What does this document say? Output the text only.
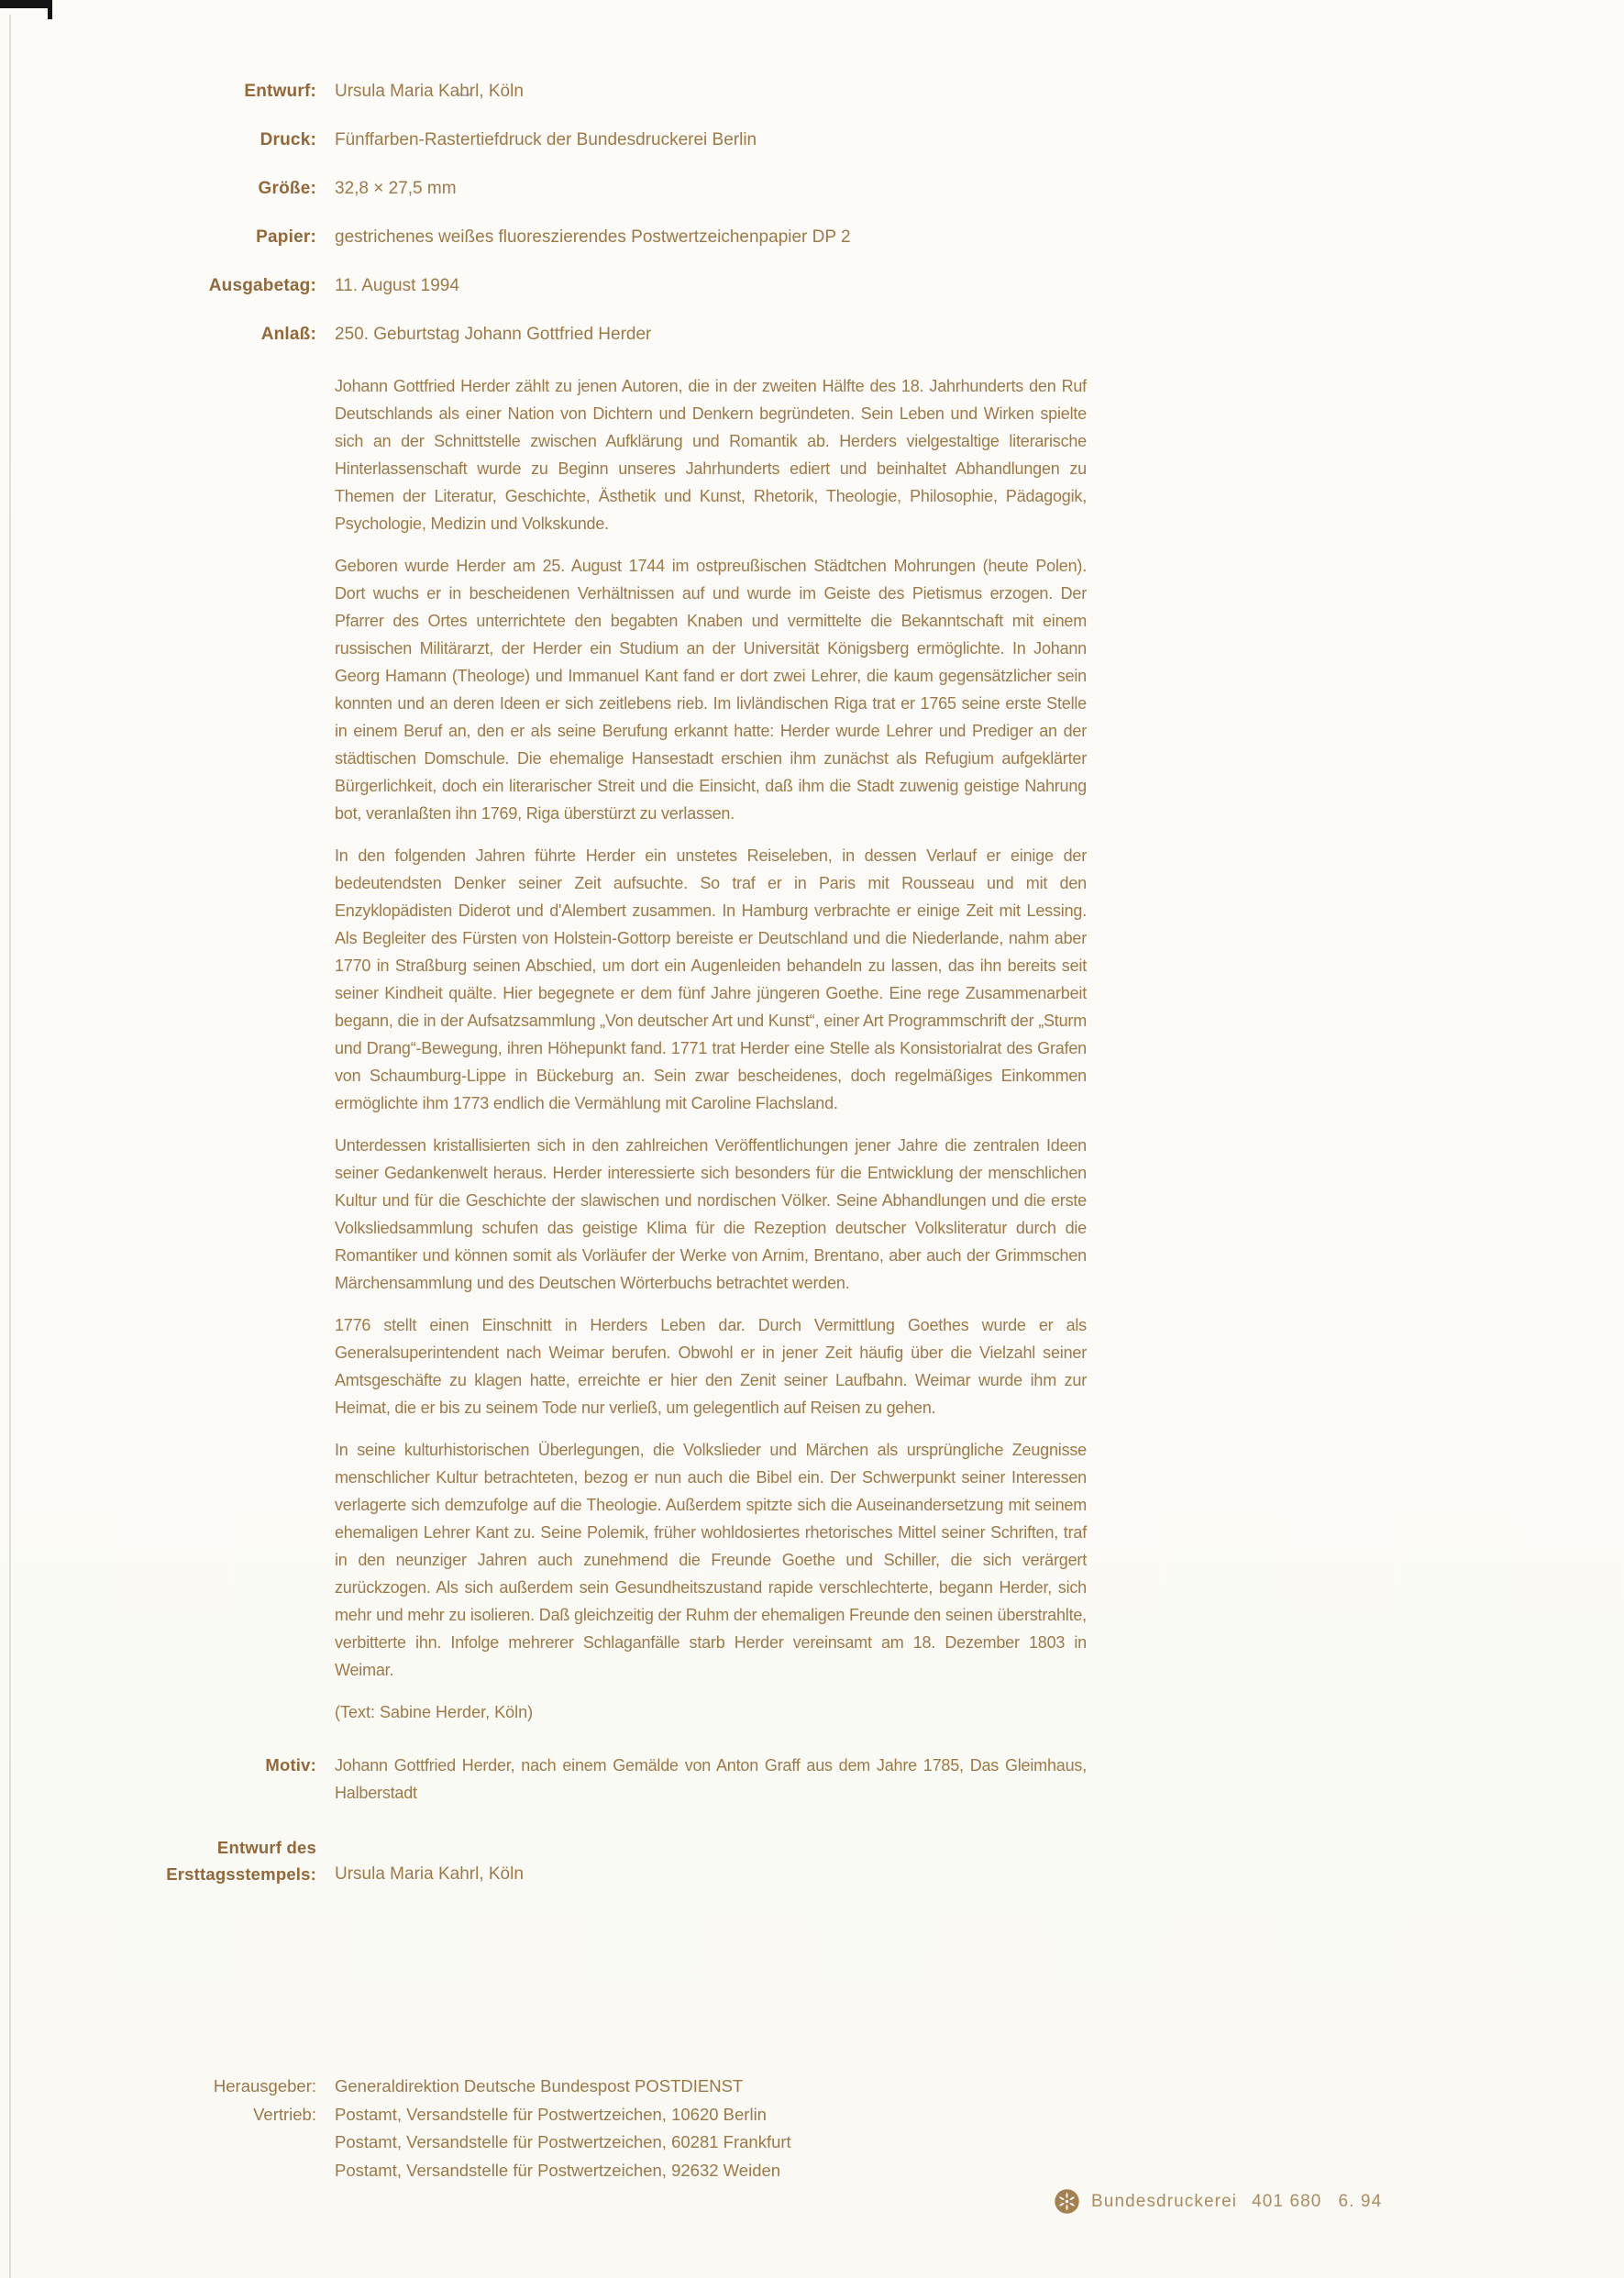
Entwurf: Ursula Maria Kahrl, Köln
Druck: Fünffarben-Rastertiefdruck der Bundesdruckerei Berlin
Größe: 32,8 × 27,5 mm
Papier: gestrichenes weißes fluoreszierendes Postwertzeichenpapier DP 2
Ausgabetag: 11. August 1994
Anlaß: 250. Geburtstag Johann Gottfried Herder

Johann Gottfried Herder zählt zu jenen Autoren, die in der zweiten Hälfte des 18. Jahrhunderts den Ruf Deutschlands als einer Nation von Dichtern und Denkern begründeten. Sein Leben und Wirken spielte sich an der Schnittstelle zwischen Aufklärung und Romantik ab. Herders vielgestaltige literarische Hinterlassenschaft wurde zu Beginn unseres Jahrhunderts ediert und beinhaltet Abhandlungen zu Themen der Literatur, Geschichte, Ästhetik und Kunst, Rhetorik, Theologie, Philosophie, Pädagogik, Psychologie, Medizin und Volkskunde.

Geboren wurde Herder am 25. August 1744 im ostpreußischen Städtchen Mohrungen (heute Polen). Dort wuchs er in bescheidenen Verhältnissen auf und wurde im Geiste des Pietismus erzogen. Der Pfarrer des Ortes unterrichtete den begabten Knaben und vermittelte die Bekanntschaft mit einem russischen Militärarzt, der Herder ein Studium an der Universität Königsberg ermöglichte. In Johann Georg Hamann (Theologe) und Immanuel Kant fand er dort zwei Lehrer, die kaum gegensätzlicher sein konnten und an deren Ideen er sich zeitlebens rieb. Im livländischen Riga trat er 1765 seine erste Stelle in einem Beruf an, den er als seine Berufung erkannt hatte: Herder wurde Lehrer und Prediger an der städtischen Domschule. Die ehemalige Hansestadt erschien ihm zunächst als Refugium aufgeklärter Bürgerlichkeit, doch ein literarischer Streit und die Einsicht, daß ihm die Stadt zuwenig geistige Nahrung bot, veranlaßten ihn 1769, Riga überstürzt zu verlassen.

In den folgenden Jahren führte Herder ein unstetes Reiseleben, in dessen Verlauf er einige der bedeutendsten Denker seiner Zeit aufsuchte. So traf er in Paris mit Rousseau und mit den Enzyklopädisten Diderot und d'Alembert zusammen. In Hamburg verbrachte er einige Zeit mit Lessing. Als Begleiter des Fürsten von Holstein-Gottorp bereiste er Deutschland und die Niederlande, nahm aber 1770 in Straßburg seinen Abschied, um dort ein Augenleiden behandeln zu lassen, das ihn bereits seit seiner Kindheit quälte. Hier begegnete er dem fünf Jahre jüngeren Goethe. Eine rege Zusammenarbeit begann, die in der Aufsatzsammlung „Von deutscher Art und Kunst“, einer Art Programmschrift der „Sturm und Drang“-Bewegung, ihren Höhepunkt fand. 1771 trat Herder eine Stelle als Konsistorialrat des Grafen von Schaumburg-Lippe in Bückeburg an. Sein zwar bescheidenes, doch regelmäßiges Einkommen ermöglichte ihm 1773 endlich die Vermählung mit Caroline Flachsland.

Unterdessen kristallisierten sich in den zahlreichen Veröffentlichungen jener Jahre die zentralen Ideen seiner Gedankenwelt heraus. Herder interessierte sich besonders für die Entwicklung der menschlichen Kultur und für die Geschichte der slawischen und nordischen Völker. Seine Abhandlungen und die erste Volksliedsammlung schufen das geistige Klima für die Rezeption deutscher Volksliteratur durch die Romantiker und können somit als Vorläufer der Werke von Arnim, Brentano, aber auch der Grimmschen Märchensammlung und des Deutschen Wörterbuchs betrachtet werden.

1776 stellt einen Einschnitt in Herders Leben dar. Durch Vermittlung Goethes wurde er als Generalsuperintendent nach Weimar berufen. Obwohl er in jener Zeit häufig über die Vielzahl seiner Amtsgeschäfte zu klagen hatte, erreichte er hier den Zenit seiner Laufbahn. Weimar wurde ihm zur Heimat, die er bis zu seinem Tode nur verließ, um gelegentlich auf Reisen zu gehen.

In seine kulturhistorischen Überlegungen, die Volkslieder und Märchen als ursprüngliche Zeugnisse menschlicher Kultur betrachteten, bezog er nun auch die Bibel ein. Der Schwerpunkt seiner Interessen verlagerte sich demzufolge auf die Theologie. Außerdem spitzte sich die Auseinandersetzung mit seinem ehemaligen Lehrer Kant zu. Seine Polemik, früher wohldosiertes rhetorisches Mittel seiner Schriften, traf in den neunziger Jahren auch zunehmend die Freunde Goethe und Schiller, die sich verärgert zurückzogen. Als sich außerdem sein Gesundheitszustand rapide verschlechterte, begann Herder, sich mehr und mehr zu isolieren. Daß gleichzeitig der Ruhm der ehemaligen Freunde den seinen überstrahlte, verbitterte ihn. Infolge mehrerer Schlaganfälle starb Herder vereinsamt am 18. Dezember 1803 in Weimar.

(Text: Sabine Herder, Köln)

Motiv: Johann Gottfried Herder, nach einem Gemälde von Anton Graff aus dem Jahre 1785, Das Gleimhaus, Halberstadt
Entwurf des
Ersttagsstempels: Ursula Maria Kahrl, Köln
Herausgeber: Generaldirektion Deutsche Bundespost POSTDIENST
Vertrieb: Postamt, Versandstelle für Postwertzeichen, 10620 Berlin
Postamt, Versandstelle für Postwertzeichen, 60281 Frankfurt
Postamt, Versandstelle für Postwertzeichen, 92632 Weiden
Bundesdruckerei 401 680 6. 94
